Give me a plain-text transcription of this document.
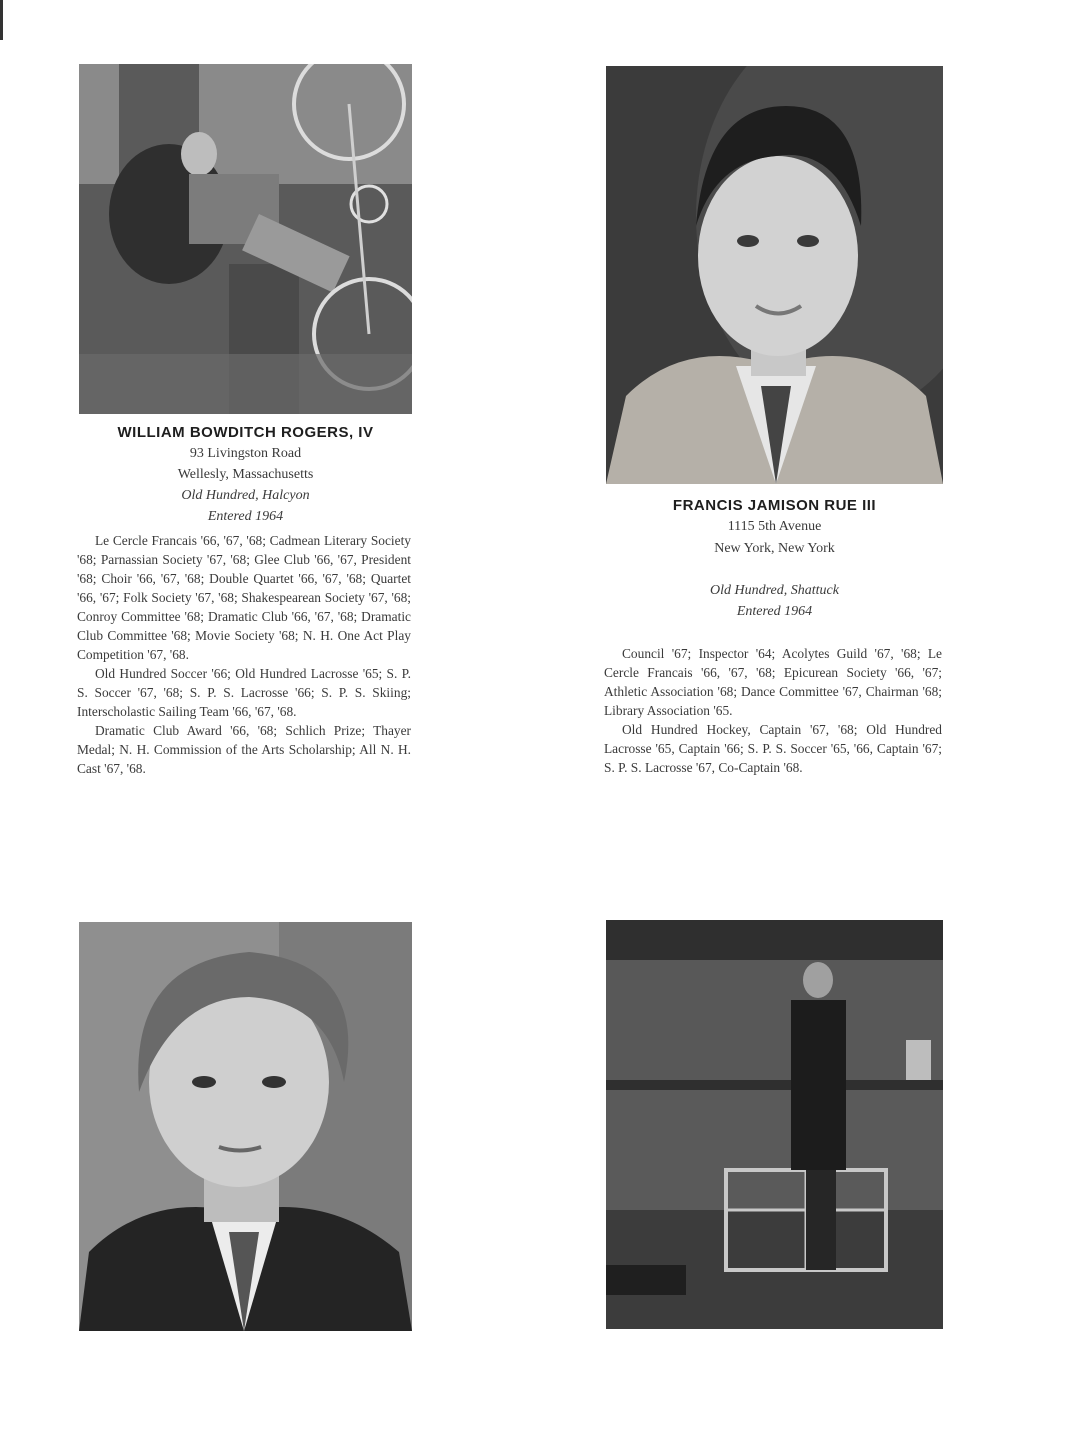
WILLIAM BOWDITCH ROGERS, IV
93 Livingston Road
Wellesly, Massachusetts
Old Hundred, Halcyon
Entered 1964

Le Cercle Francais '66, '67, '68; Cadmean Literary Society '68; Parnassian Society '67, '68; Glee Club '66, '67, President '68; Choir '66, '67, '68; Double Quartet '66, '67, '68; Quartet '66, '67; Folk Society '67, '68; Shakespearean Society '67, '68; Conroy Committee '68; Dramatic Club '66, '67, '68; Dramatic Club Committee '68; Movie Society '68; N. H. One Act Play Competition '67, '68.

Old Hundred Soccer '66; Old Hundred Lacrosse '65; S. P. S. Soccer '67, '68; S. P. S. Lacrosse '66; S. P. S. Skiing; Interscholastic Sailing Team '66, '67, '68.

Dramatic Club Award '66, '68; Schlich Prize; Thayer Medal; N. H. Commission of the Arts Scholarship; All N. H. Cast '67, '68.

FRANCIS JAMISON RUE III
1115 5th Avenue
New York, New York
Old Hundred, Shattuck
Entered 1964

Council '67; Inspector '64; Acolytes Guild '67, '68; Le Cercle Francais '66, '67, '68; Epicurean Society '66, '67; Athletic Association '68; Dance Committee '67, Chairman '68; Library Association '65.

Old Hundred Hockey, Captain '67, '68; Old Hundred Lacrosse '65, Captain '66; S. P. S. Soccer '65, '66, Captain '67; S. P. S. Lacrosse '67, Co-Captain '68.
